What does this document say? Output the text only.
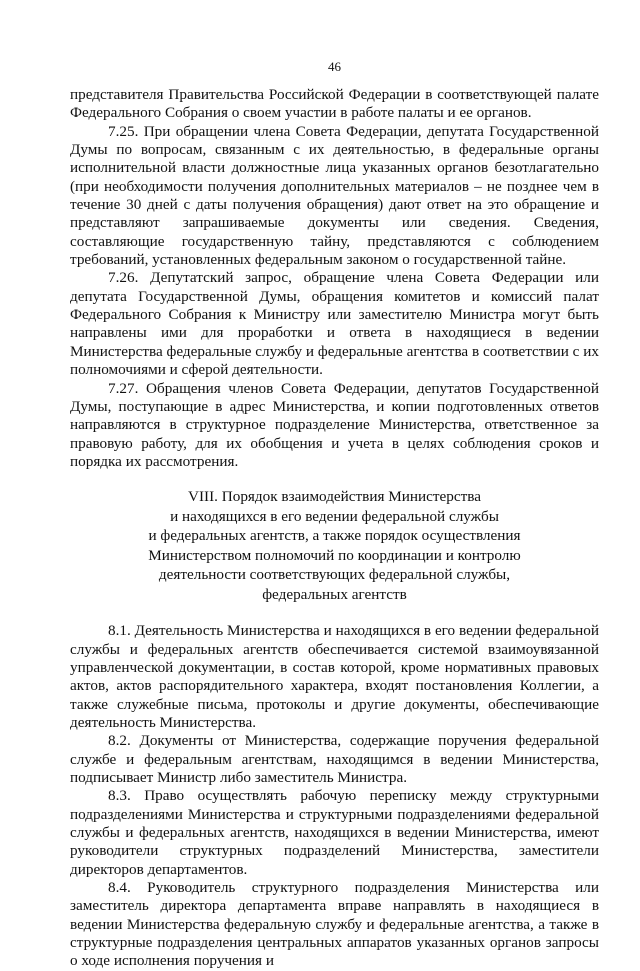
46

представителя Правительства Российской Федерации в соответствующей палате Федерального Собрания о своем участии в работе палаты и ее органов.

7.25. При обращении члена Совета Федерации, депутата Государственной Думы по вопросам, связанным с их деятельностью, в федеральные органы исполнительной власти должностные лица указанных органов безотлагательно (при необходимости получения дополнительных материалов – не позднее чем в течение 30 дней с даты получения обращения) дают ответ на это обращение и представляют запрашиваемые документы или сведения. Сведения, составляющие государственную тайну, представляются с соблюдением требований, установленных федеральным законом о государственной тайне.

7.26. Депутатский запрос, обращение члена Совета Федерации или депутата Государственной Думы, обращения комитетов и комиссий палат Федерального Собрания к Министру или заместителю Министра могут быть направлены ими для проработки и ответа в находящиеся в ведении Министерства федеральные службу и федеральные агентства в соответствии с их полномочиями и сферой деятельности.

7.27. Обращения членов Совета Федерации, депутатов Государственной Думы, поступающие в адрес Министерства, и копии подготовленных ответов направляются в структурное подразделение Министерства, ответственное за правовую работу, для их обобщения и учета в целях соблюдения сроков и порядка их рассмотрения.

VIII. Порядок взаимодействия Министерства
и находящихся в его ведении федеральной службы
и федеральных агентств, а также порядок осуществления
Министерством полномочий по координации и контролю
деятельности соответствующих федеральной службы,
федеральных агентств

8.1. Деятельность Министерства и находящихся в его ведении федеральной службы и федеральных агентств обеспечивается системой взаимоувязанной управленческой документации, в состав которой, кроме нормативных правовых актов, актов распорядительного характера, входят постановления Коллегии, а также служебные письма, протоколы и другие документы, обеспечивающие деятельность Министерства.

8.2. Документы от Министерства, содержащие поручения федеральной службе и федеральным агентствам, находящимся в ведении Министерства, подписывает Министр либо заместитель Министра.

8.3. Право осуществлять рабочую переписку между структурными подразделениями Министерства и структурными подразделениями федеральной службы и федеральных агентств, находящихся в ведении Министерства, имеют руководители структурных подразделений Министерства, заместители директоров департаментов.

8.4. Руководитель структурного подразделения Министерства или заместитель директора департамента вправе направлять в находящиеся в ведении Министерства федеральную службу и федеральные агентства, а также в структурные подразделения центральных аппаратов указанных органов запросы о ходе исполнения поручения и
